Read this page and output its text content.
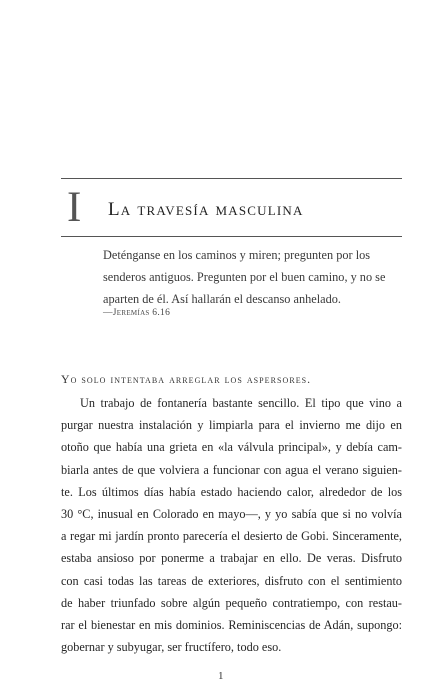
I La travesía masculina

Deténganse en los caminos y miren; pregunten por los

senderos antiguos. Pregunten por el buen camino, y no se

aparten de él. Así hallarán el descanso anhelado.

—Jeremías 6.16
Yo solo intentaba arreglar los aspersores.
Un trabajo de fontanería bastante sencillo. El tipo que vino a
purgar nuestra instalación y limpiarla para el invierno me dijo en
otoño que había una grieta en «la válvula principal», y debía cam-
biarla antes de que volviera a funcionar con agua el verano siguien-
te. Los últimos días había estado haciendo calor, alrededor de los
30 °C, inusual en Colorado en mayo—, y yo sabía que si no volvía
a regar mi jardín pronto parecería el desierto de Gobi. Sinceramente,
estaba ansioso por ponerme a trabajar en ello. De veras. Disfruto
con casi todas las tareas de exteriores, disfruto con el sentimiento
de haber triunfado sobre algún pequeño contratiempo, con restau-
rar el bienestar en mis dominios. Reminiscencias de Adán, supongo:
gobernar y subyugar, ser fructífero, todo eso.
1
